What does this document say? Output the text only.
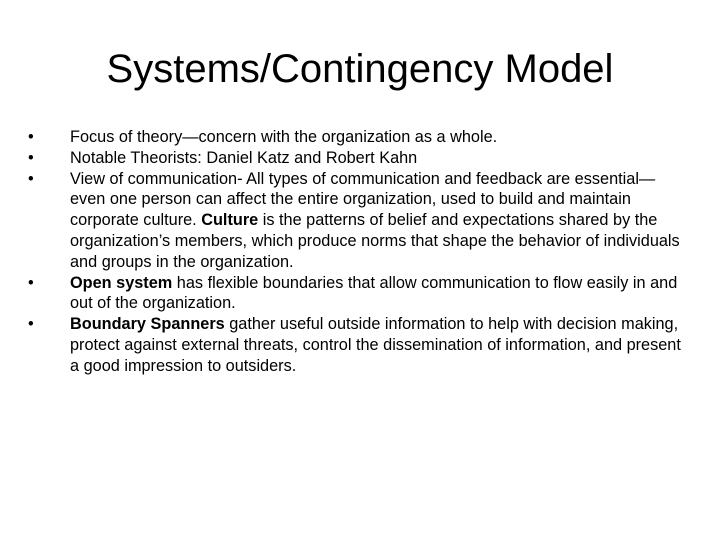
Systems/Contingency Model
•	Focus of theory—concern with the organization as a whole.
•	Notable Theorists: Daniel Katz and Robert Kahn
•	View of communication- All types of communication and feedback are essential—even one person can affect the entire organization, used to build and maintain corporate culture. Culture is the patterns of belief and expectations shared by the organization’s members, which produce norms that shape the behavior of individuals and groups in the organization.
•	Open system has flexible boundaries that allow communication to flow easily in and out of the organization.
•	Boundary Spanners gather useful outside information to help with decision making, protect against external threats, control the dissemination of information, and present a good impression to outsiders.
